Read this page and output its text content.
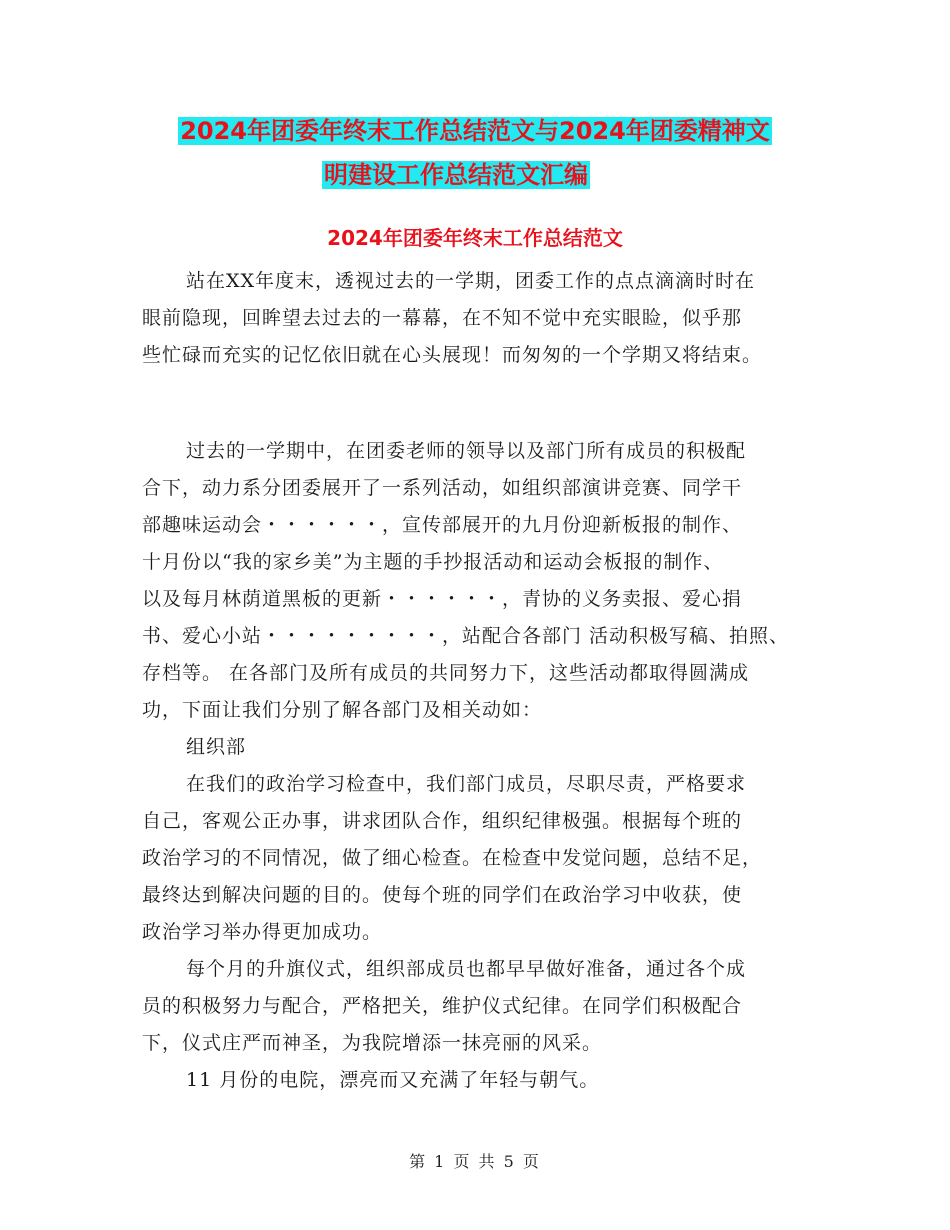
2024年团委年终末工作总结范文与2024年团委精神文
明建设工作总结范文汇编
2024年团委年终末工作总结范文
站在XX年度末，透视过去的一学期，团委工作的点点滴滴时时在
眼前隐现，回眸望去过去的一幕幕，在不知不觉中充实眼睑，似乎那
些忙碌而充实的记忆依旧就在心头展现！而匆匆的一个学期又将结束。
过去的一学期中，在团委老师的领导以及部门所有成员的积极配
合下，动力系分团委展开了一系列活动，如组织部演讲竞赛、同学干
部趣味运动会・・・・・・，宣传部展开的九月份迎新板报的制作、
十月份以“我的家乡美”为主题的手抄报活动和运动会板报的制作、
以及每月林荫道黑板的更新・・・・・・，青协的义务卖报、爱心捐
书、爱心小站・・・・・・・・・，站配合各部门 活动积极写稿、拍照、
存档等。 在各部门及所有成员的共同努力下，这些活动都取得圆满成
功，下面让我们分别了解各部门及相关动如：
组织部
在我们的政治学习检查中，我们部门成员，尽职尽责，严格要求
自己，客观公正办事，讲求团队合作，组织纪律极强。根据每个班的
政治学习的不同情况，做了细心检查。在检查中发觉问题，总结不足，
最终达到解决问题的目的。使每个班的同学们在政治学习中收获，使
政治学习举办得更加成功。
每个月的升旗仪式，组织部成员也都早早做好准备，通过各个成
员的积极努力与配合，严格把关，维护仪式纪律。在同学们积极配合
下，仪式庄严而神圣，为我院增添一抹亮丽的风采。
11 月份的电院，漂亮而又充满了年轻与朝气。
第 1 页 共 5 页
